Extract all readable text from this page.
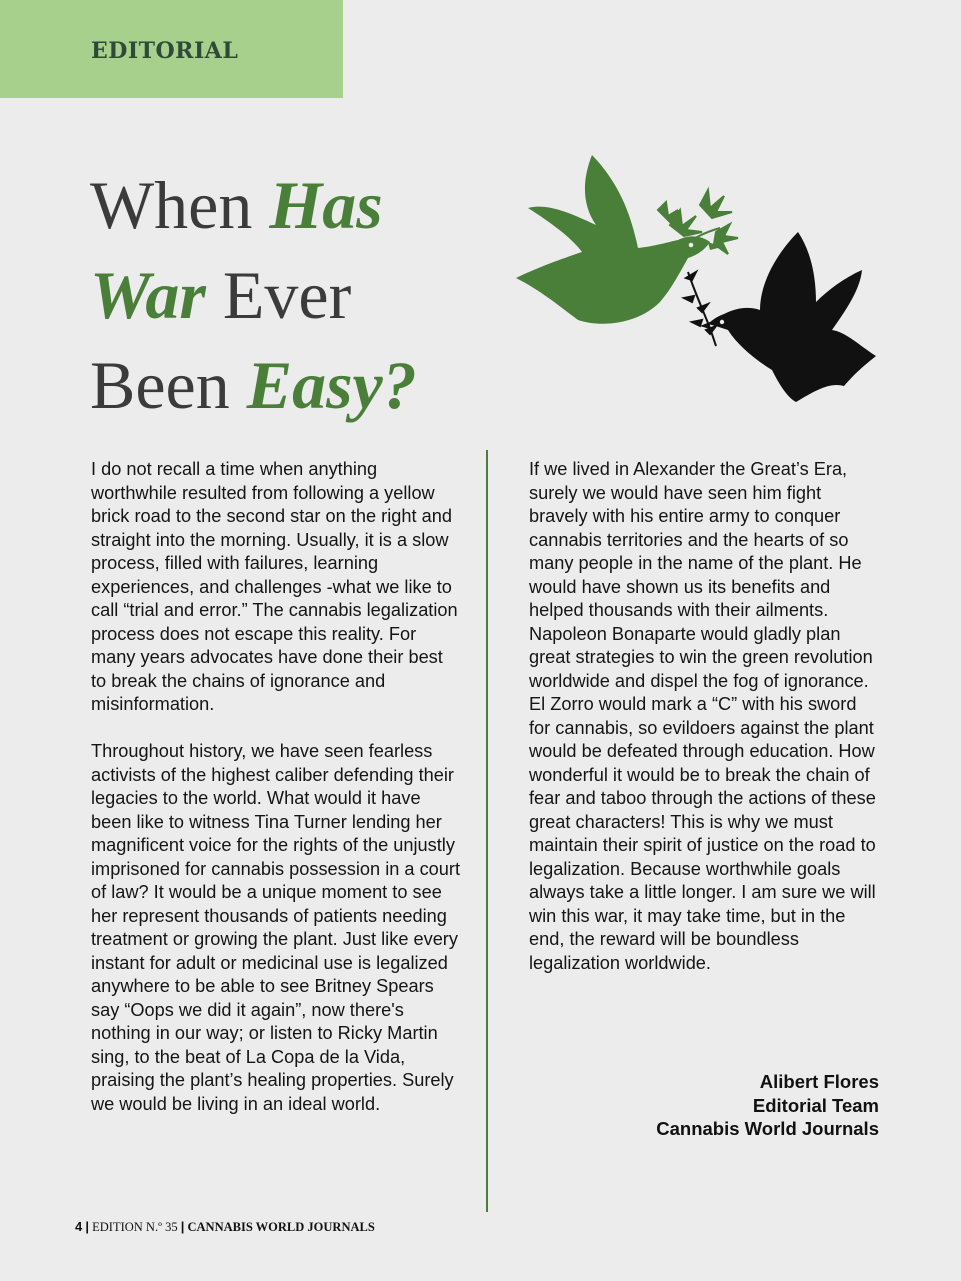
EDITORIAL
When Has
War Ever
Been Easy?

I do not recall a time when anything worthwhile resulted from following a yellow brick road to the second star on the right and straight into the morning. Usually, it is a slow process, filled with failures, learning experiences, and challenges -what we like to call “trial and error.” The cannabis legalization process does not escape this reality. For many years advocates have done their best to break the chains of ignorance and misinformation.

Throughout history, we have seen fearless activists of the highest caliber defending their legacies to the world. What would it have been like to witness Tina Turner lending her magnificent voice for the rights of the unjustly imprisoned for cannabis possession in a court of law? It would be a unique moment to see her represent thousands of patients needing treatment or growing the plant. Just like every instant for adult or medicinal use is legalized anywhere to be able to see Britney Spears say “Oops we did it again”, now there's nothing in our way; or listen to Ricky Martin sing, to the beat of La Copa de la Vida, praising the plant’s healing properties. Surely we would be living in an ideal world.

If we lived in Alexander the Great’s Era, surely we would have seen him fight bravely with his entire army to conquer cannabis territories and the hearts of so many people in the name of the plant. He would have shown us its benefits and helped thousands with their ailments. Napoleon Bonaparte would gladly plan great strategies to win the green revolution worldwide and dispel the fog of ignorance. El Zorro would mark a “C” with his sword for cannabis, so evildoers against the plant would be defeated through education. How wonderful it would be to break the chain of fear and taboo through the actions of these great characters! This is why we must maintain their spirit of justice on the road to legalization. Because worthwhile goals always take a little longer. I am sure we will win this war, it may take time, but in the end, the reward will be boundless legalization worldwide.

Alibert Flores
Editorial Team
Cannabis World Journals
4 | EDITION N.º 35 | CANNABIS WORLD JOURNALS
